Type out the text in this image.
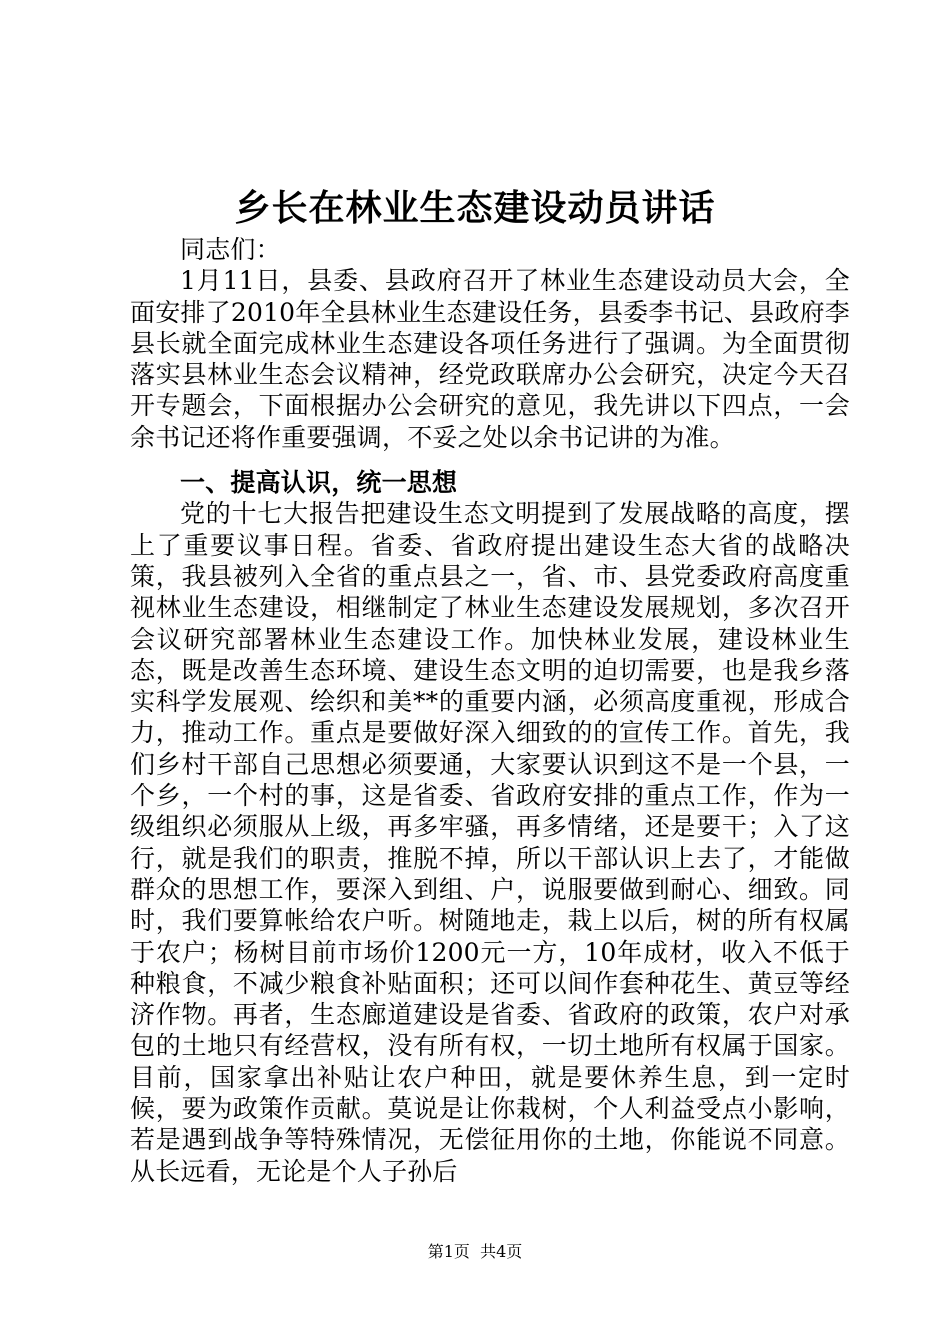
乡长在林业生态建设动员讲话

同志们：

1月11日，县委、县政府召开了林业生态建设动员大会，全面安排了2010年全县林业生态建设任务，县委李书记、县政府李县长就全面完成林业生态建设各项任务进行了强调。为全面贯彻落实县林业生态会议精神，经党政联席办公会研究，决定今天召开专题会，下面根据办公会研究的意见，我先讲以下四点，一会余书记还将作重要强调，不妥之处以余书记讲的为准。

一、提高认识，统一思想

党的十七大报告把建设生态文明提到了发展战略的高度，摆上了重要议事日程。省委、省政府提出建设生态大省的战略决策，我县被列入全省的重点县之一，省、市、县党委政府高度重视林业生态建设，相继制定了林业生态建设发展规划，多次召开会议研究部署林业生态建设工作。加快林业发展，建设林业生态，既是改善生态环境、建设生态文明的迫切需要，也是我乡落实科学发展观、绘织和美**的重要内涵，必须高度重视，形成合力，推动工作。重点是要做好深入细致的的宣传工作。首先，我们乡村干部自己思想必须要通，大家要认识到这不是一个县，一个乡，一个村的事，这是省委、省政府安排的重点工作，作为一级组织必须服从上级，再多牢骚，再多情绪，还是要干；入了这行，就是我们的职责，推脱不掉，所以干部认识上去了，才能做群众的思想工作，要深入到组、户，说服要做到耐心、细致。同时，我们要算帐给农户听。树随地走，栽上以后，树的所有权属于农户；杨树目前市场价1200元一方，10年成材，收入不低于种粮食，不减少粮食补贴面积；还可以间作套种花生、黄豆等经济作物。再者，生态廊道建设是省委、省政府的政策，农户对承包的土地只有经营权，没有所有权，一切土地所有权属于国家。目前，国家拿出补贴让农户种田，就是要休养生息，到一定时候，要为政策作贡献。莫说是让你栽树，个人利益受点小影响，若是遇到战争等特殊情况，无偿征用你的土地，你能说不同意。从长远看，无论是个人子孙后

第1页 共4页
